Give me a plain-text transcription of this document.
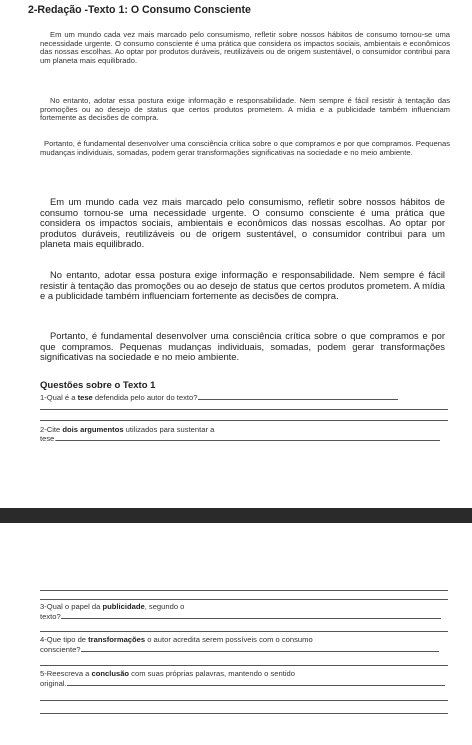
2-Redação -Texto 1: O Consumo Consciente
Em um mundo cada vez mais marcado pelo consumismo, refletir sobre nossos hábitos de consumo tornou-se uma necessidade urgente. O consumo consciente é uma prática que considera os impactos sociais, ambientais e econômicos das nossas escolhas. Ao optar por produtos duráveis, reutilizáveis ou de origem sustentável, o consumidor contribui para um planeta mais equilibrado.
No entanto, adotar essa postura exige informação e responsabilidade. Nem sempre é fácil resistir à tentação das promoções ou ao desejo de status que certos produtos prometem. A mídia e a publicidade também influenciam fortemente as decisões de compra.
Portanto, é fundamental desenvolver uma consciência crítica sobre o que compramos e por que compramos. Pequenas mudanças individuais, somadas, podem gerar transformações significativas na sociedade e no meio ambiente.
Em um mundo cada vez mais marcado pelo consumismo, refletir sobre nossos hábitos de consumo tornou-se uma necessidade urgente. O consumo consciente é uma prática que considera os impactos sociais, ambientais e econômicos das nossas escolhas. Ao optar por produtos duráveis, reutilizáveis ou de origem sustentável, o consumidor contribui para um planeta mais equilibrado.
No entanto, adotar essa postura exige informação e responsabilidade. Nem sempre é fácil resistir à tentação das promoções ou ao desejo de status que certos produtos prometem. A mídia e a publicidade também influenciam fortemente as decisões de compra.
Portanto, é fundamental desenvolver uma consciência crítica sobre o que compramos e por que compramos. Pequenas mudanças individuais, somadas, podem gerar transformações significativas na sociedade e no meio ambiente.
Questões sobre o Texto 1
1-Qual é a tese defendida pelo autor do texto?
2-Cite dois argumentos utilizados para sustentar a
tese.
3-Qual o papel da publicidade, segundo o
texto?
4-Que tipo de transformações o autor acredita serem possíveis com o consumo
consciente?
5-Reescreva a conclusão com suas próprias palavras, mantendo o sentido
original.
